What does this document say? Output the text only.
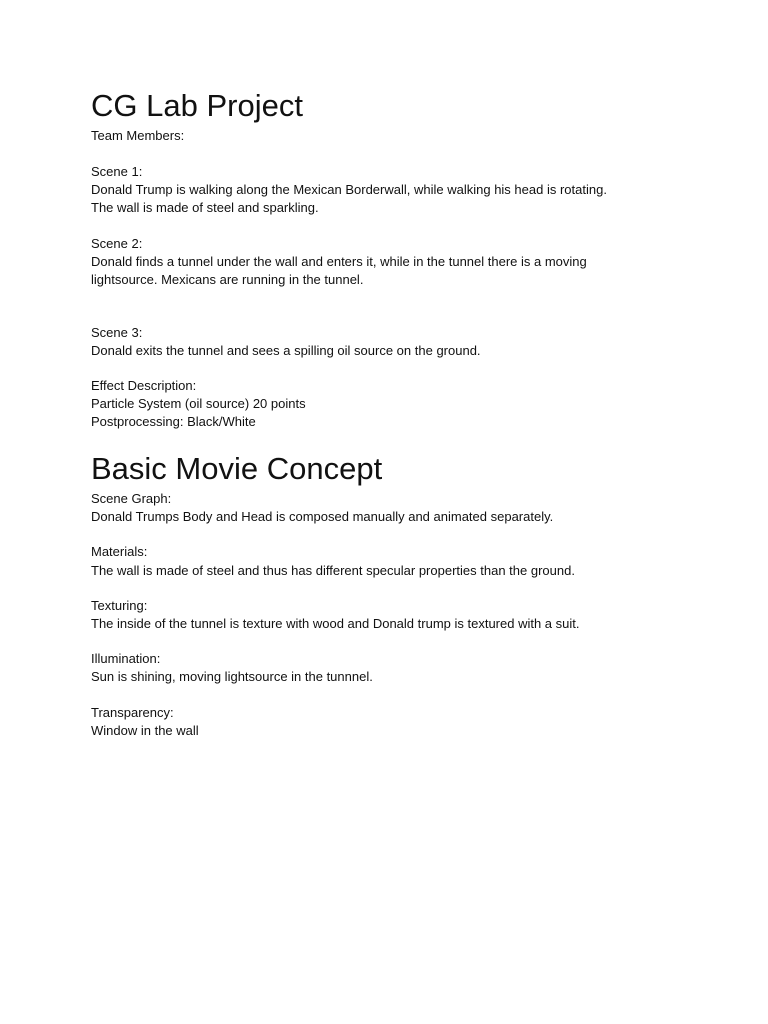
CG Lab Project

Team Members:

Scene 1:

Donald Trump is walking along the Mexican Borderwall, while walking his head is rotating.

The wall is made of steel and sparkling.

Scene 2:

Donald finds a tunnel under the wall and enters it, while in the tunnel there is a moving

lightsource. Mexicans are running in the tunnel.

Scene 3:

Donald exits the tunnel and sees a spilling oil source on the ground.

Effect Description:

Particle System (oil source) 20 points

Postprocessing: Black/White

Basic Movie Concept

Scene Graph:

Donald Trumps Body and Head is composed manually and animated separately.

Materials:

The wall is made of steel and thus has different specular properties than the ground.

Texturing:

The inside of the tunnel is texture with wood and Donald trump is textured with a suit.

Illumination:

Sun is shining, moving lightsource in the tunnnel.

Transparency:

Window in the wall
